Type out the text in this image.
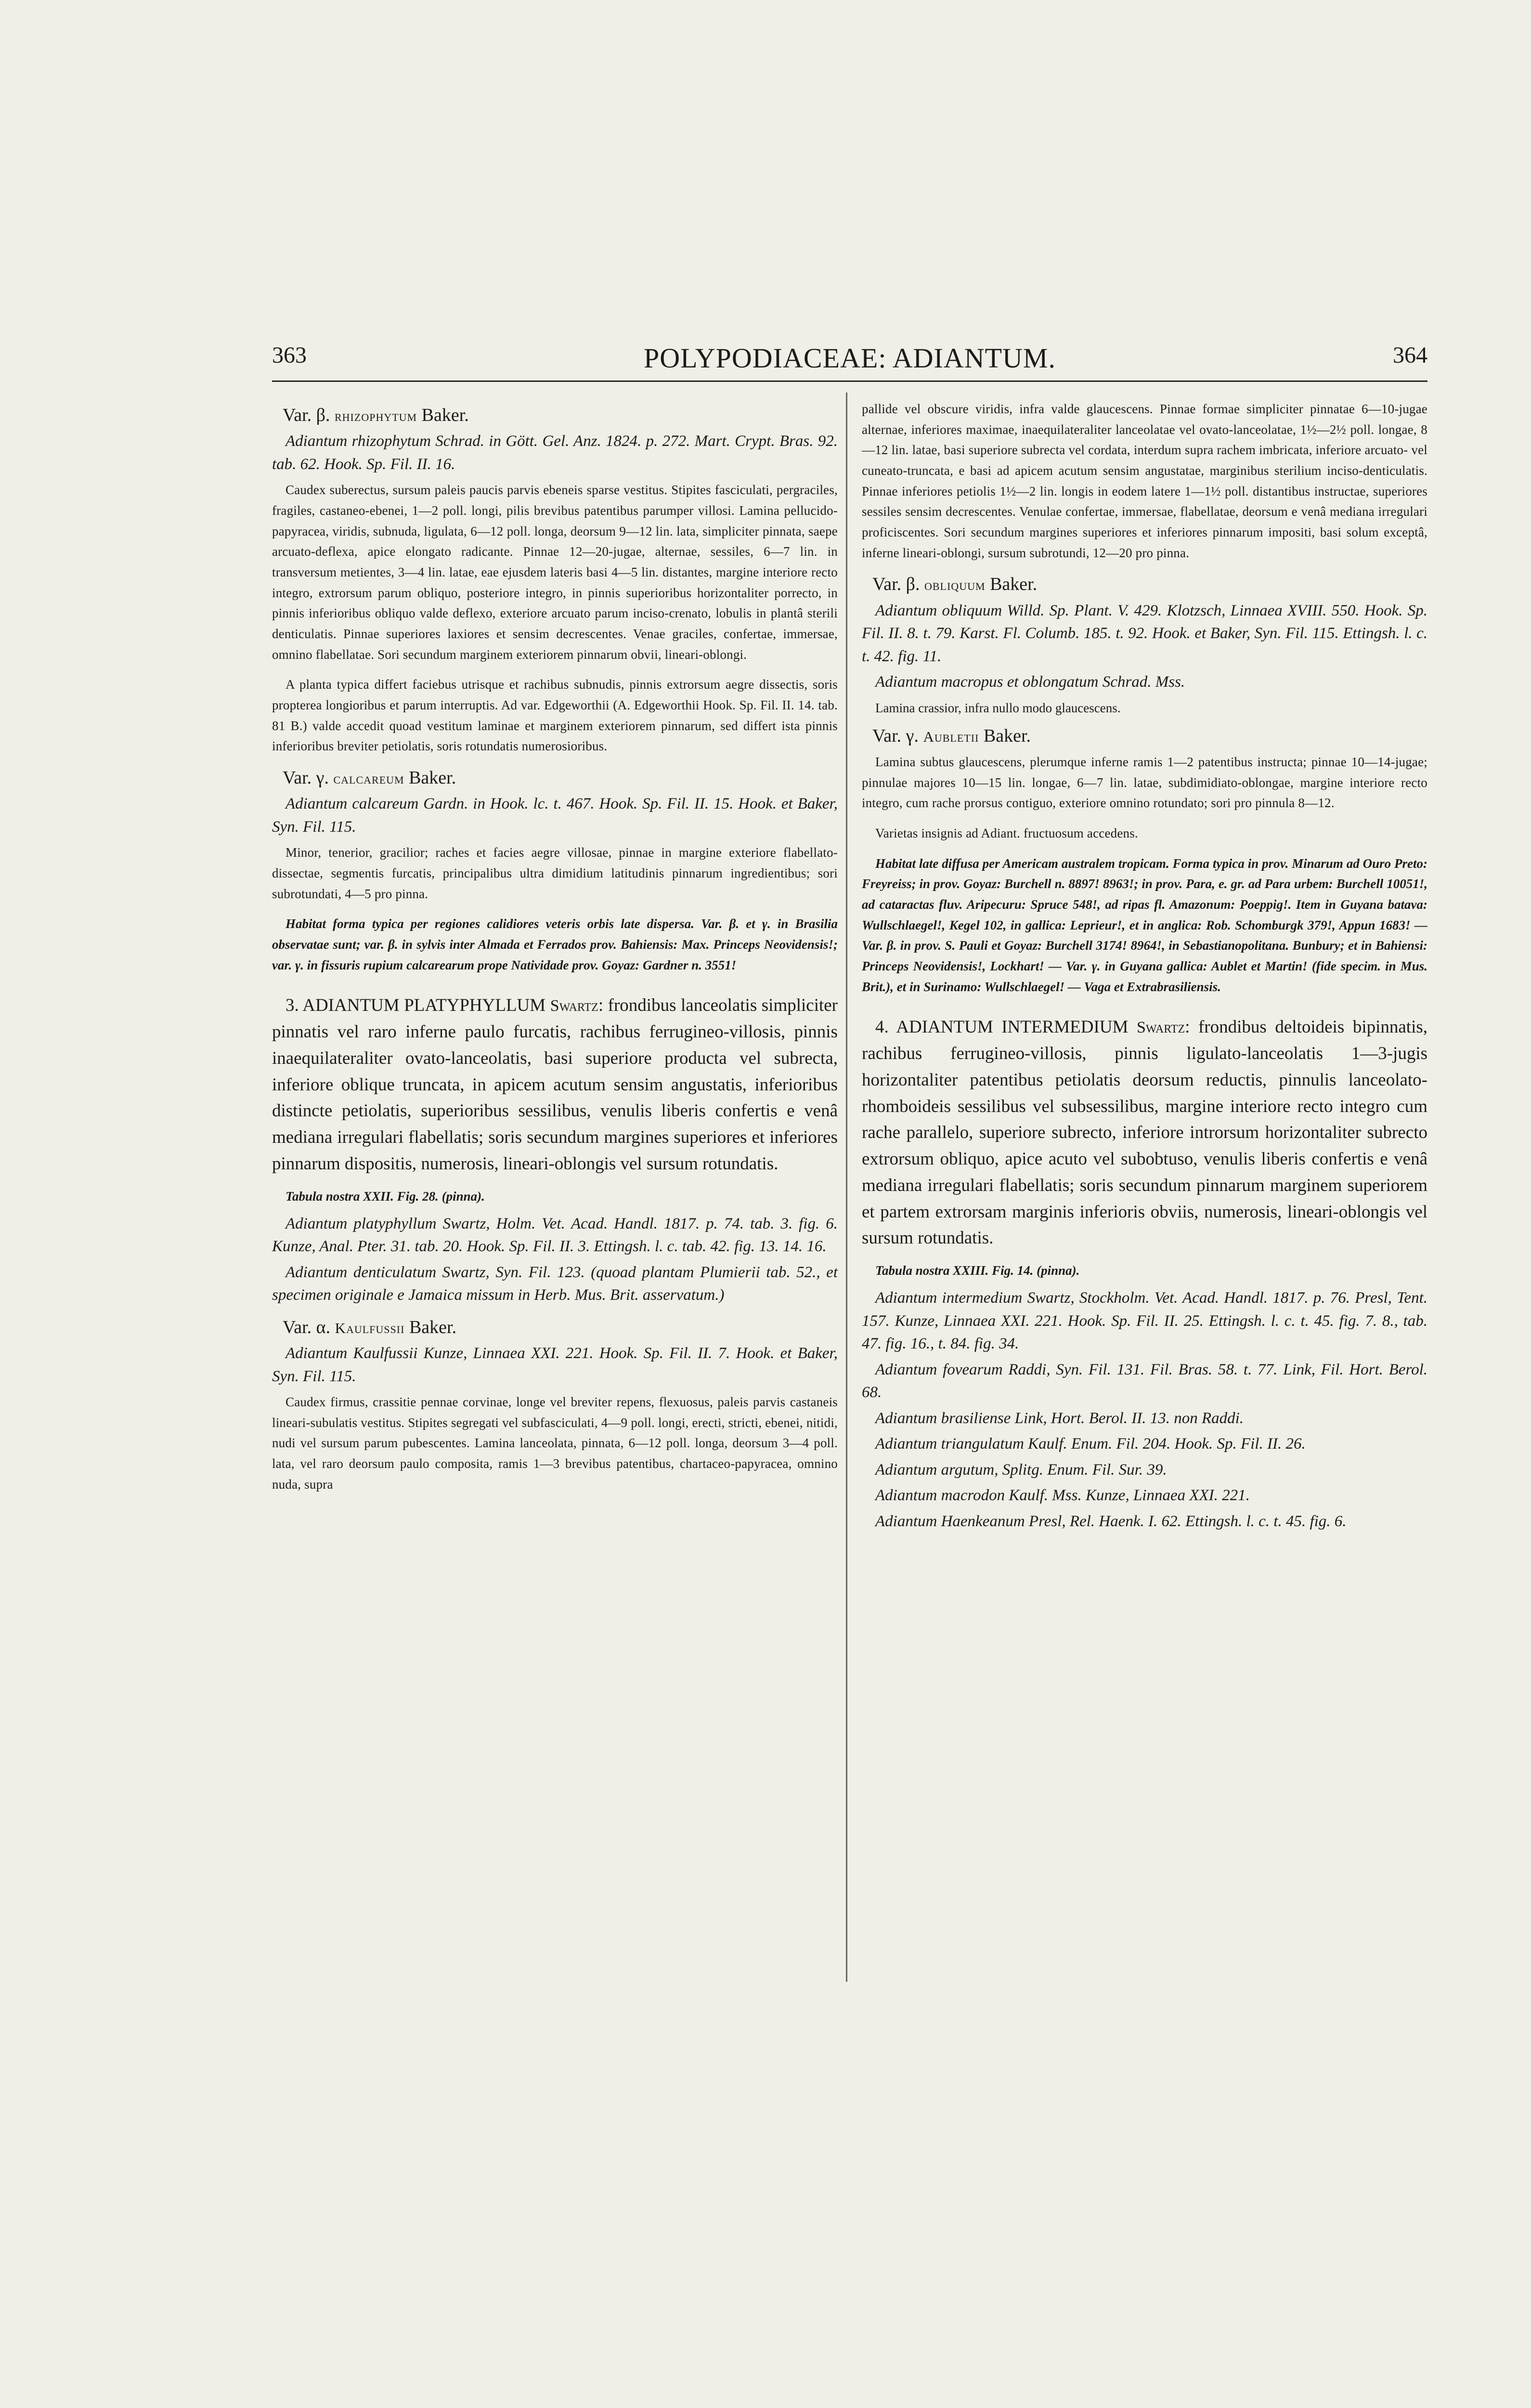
363	POLYPODIACEAE: ADIANTUM.	364
Var. β. rhizophytum Baker.

Adiantum rhizophytum Schrad. in Gött. Gel. Anz. 1824. p. 272. Mart. Crypt. Bras. 92. tab. 62. Hook. Sp. Fil. II. 16.

Caudex suberectus, sursum paleis paucis parvis ebeneis sparse vestitus. Stipites fasciculati, pergraciles, fragiles, castaneo-ebenei, 1—2 poll. longi, pilis brevibus patentibus parumper villosi. Lamina pellucido-papyracea, viridis, subnuda, ligulata, 6—12 poll. longa, deorsum 9—12 lin. lata, simpliciter pinnata, saepe arcuato-deflexa, apice elongato radicante. Pinnae 12—20-jugae, alternae, sessiles, 6—7 lin. in transversum metientes, 3—4 lin. latae, eae ejusdem lateris basi 4—5 lin. distantes, margine interiore recto integro, extrorsum parum obliquo, posteriore integro, in pinnis superioribus horizontaliter porrecto, in pinnis inferioribus obliquo valde deflexo, exteriore arcuato parum inciso-crenato, lobulis in plantâ sterili denticulatis. Pinnae superiores laxiores et sensim decrescentes. Venae graciles, confertae, immersae, omnino flabellatae. Sori secundum marginem exteriorem pinnarum obvii, lineari-oblongi.

A planta typica differt faciebus utrisque et rachibus subnudis, pinnis extrorsum aegre dissectis, soris propterea longioribus et parum interruptis. Ad var. Edgeworthii (A. Edgeworthii Hook. Sp. Fil. II. 14. tab. 81 B.) valde accedit quoad vestitum laminae et marginem exteriorem pinnarum, sed differt ista pinnis inferioribus breviter petiolatis, soris rotundatis numerosioribus.

Var. γ. calcareum Baker.

Adiantum calcareum Gardn. in Hook. lc. t. 467. Hook. Sp. Fil. II. 15. Hook. et Baker, Syn. Fil. 115.

Minor, tenerior, gracilior; raches et facies aegre villosae, pinnae in margine exteriore flabellato-dissectae, segmentis furcatis, principalibus ultra dimidium latitudinis pinnarum ingredientibus; sori subrotundati, 4—5 pro pinna.

Habitat forma typica per regiones calidiores veteris orbis late dispersa. Var. β. et γ. in Brasilia observatae sunt; var. β. in sylvis inter Almada et Ferrados prov. Bahiensis: Max. Princeps Neovidensis!; var. γ. in fissuris rupium calcarearum prope Natividade prov. Goyaz: Gardner n. 3551!

3. ADIANTUM PLATYPHYLLUM Swartz: frondibus lanceolatis simpliciter pinnatis vel raro inferne paulo furcatis, rachibus ferrugineo-villosis, pinnis inaequilateraliter ovato-lanceolatis, basi superiore producta vel subrecta, inferiore oblique truncata, in apicem acutum sensim angustatis, inferioribus distincte petiolatis, superioribus sessilibus, venulis liberis confertis e venâ mediana irregulari flabellatis; soris secundum margines superiores et inferiores pinnarum dispositis, numerosis, lineari-oblongis vel sursum rotundatis.

Tabula nostra XXII. Fig. 28. (pinna).

Adiantum platyphyllum Swartz, Holm. Vet. Acad. Handl. 1817. p. 74. tab. 3. fig. 6. Kunze, Anal. Pter. 31. tab. 20. Hook. Sp. Fil. II. 3. Ettingsh. l. c. tab. 42. fig. 13. 14. 16.

Adiantum denticulatum Swartz, Syn. Fil. 123. (quoad plantam Plumierii tab. 52., et specimen originale e Jamaica missum in Herb. Mus. Brit. asservatum.)

Var. α. Kaulfussii Baker.

Adiantum Kaulfussii Kunze, Linnaea XXI. 221. Hook. Sp. Fil. II. 7. Hook. et Baker, Syn. Fil. 115.

Caudex firmus, crassitie pennae corvinae, longe vel breviter repens, flexuosus, paleis parvis castaneis lineari-subulatis vestitus. Stipites segregati vel subfasciculati, 4—9 poll. longi, erecti, stricti, ebenei, nitidi, nudi vel sursum parum pubescentes. Lamina lanceolata, pinnata, 6—12 poll. longa, deorsum 3—4 poll. lata, vel raro deorsum paulo composita, ramis 1—3 brevibus patentibus, chartaceo-papyracea, omnino nuda, supra

pallide vel obscure viridis, infra valde glaucescens. Pinnae formae simpliciter pinnatae 6—10-jugae alternae, inferiores maximae, inaequilateraliter lanceolatae vel ovato-lanceolatae, 1½—2½ poll. longae, 8—12 lin. latae, basi superiore subrecta vel cordata, interdum supra rachem imbricata, inferiore arcuato- vel cuneato-truncata, e basi ad apicem acutum sensim angustatae, marginibus sterilium inciso-denticulatis. Pinnae inferiores petiolis 1½—2 lin. longis in eodem latere 1—1½ poll. distantibus instructae, superiores sessiles sensim decrescentes. Venulae confertae, immersae, flabellatae, deorsum e venâ mediana irregulari proficiscentes. Sori secundum margines superiores et inferiores pinnarum impositi, basi solum exceptâ, inferne lineari-oblongi, sursum subrotundi, 12—20 pro pinna.

Var. β. obliquum Baker.

Adiantum obliquum Willd. Sp. Plant. V. 429. Klotzsch, Linnaea XVIII. 550. Hook. Sp. Fil. II. 8. t. 79. Karst. Fl. Columb. 185. t. 92. Hook. et Baker, Syn. Fil. 115. Ettingsh. l. c. t. 42. fig. 11.

Adiantum macropus et oblongatum Schrad. Mss.

Lamina crassior, infra nullo modo glaucescens.
Var. γ. Aubletii Baker.

Lamina subtus glaucescens, plerumque inferne ramis 1—2 patentibus instructa; pinnae 10—14-jugae; pinnulae majores 10—15 lin. longae, 6—7 lin. latae, subdimidiato-oblongae, margine interiore recto integro, cum rache prorsus contiguo, exteriore omnino rotundato; sori pro pinnula 8—12.

Varietas insignis ad Adiant. fructuosum accedens.

Habitat late diffusa per Americam australem tropicam. Forma typica in prov. Minarum ad Ouro Preto: Freyreiss; in prov. Goyaz: Burchell n. 8897! 8963!; in prov. Para, e. gr. ad Para urbem: Burchell 10051!, ad cataractas fluv. Aripecuru: Spruce 548!, ad ripas fl. Amazonum: Poeppig!. Item in Guyana batava: Wullschlaegel!, Kegel 102, in gallica: Leprieur!, et in anglica: Rob. Schomburgk 379!, Appun 1683! — Var. β. in prov. S. Pauli et Goyaz: Burchell 3174! 8964!, in Sebastianopolitana. Bunbury; et in Bahiensi: Princeps Neovidensis!, Lockhart! — Var. γ. in Guyana gallica: Aublet et Martin! (fide specim. in Mus. Brit.), et in Surinamo: Wullschlaegel! — Vaga et Extrabrasiliensis.

4. ADIANTUM INTERMEDIUM Swartz: frondibus deltoideis bipinnatis, rachibus ferrugineo-villosis, pinnis ligulato-lanceolatis 1—3-jugis horizontaliter patentibus petiolatis deorsum reductis, pinnulis lanceolato-rhomboideis sessilibus vel subsessilibus, margine interiore recto integro cum rache parallelo, superiore subrecto, inferiore introrsum horizontaliter subrecto extrorsum obliquo, apice acuto vel subobtuso, venulis liberis confertis e venâ mediana irregulari flabellatis; soris secundum pinnarum marginem superiorem et partem extrorsam marginis inferioris obviis, numerosis, lineari-oblongis vel sursum rotundatis.

Tabula nostra XXIII. Fig. 14. (pinna).

Adiantum intermedium Swartz, Stockholm. Vet. Acad. Handl. 1817. p. 76. Presl, Tent. 157. Kunze, Linnaea XXI. 221. Hook. Sp. Fil. II. 25. Ettingsh. l. c. t. 45. fig. 7. 8., tab. 47. fig. 16., t. 84. fig. 34.

Adiantum fovearum Raddi, Syn. Fil. 131. Fil. Bras. 58. t. 77. Link, Fil. Hort. Berol. 68.

Adiantum brasiliense Link, Hort. Berol. II. 13. non Raddi.

Adiantum triangulatum Kaulf. Enum. Fil. 204. Hook. Sp. Fil. II. 26.

Adiantum argutum, Splitg. Enum. Fil. Sur. 39.

Adiantum macrodon Kaulf. Mss. Kunze, Linnaea XXI. 221.

Adiantum Haenkeanum Presl, Rel. Haenk. I. 62. Ettingsh. l. c. t. 45. fig. 6.
